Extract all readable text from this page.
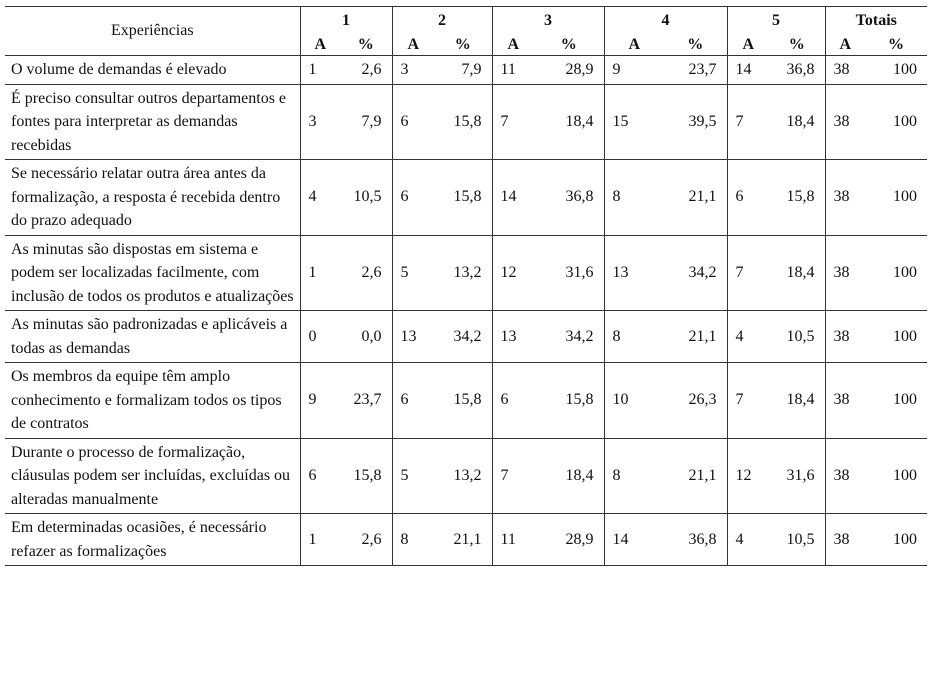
Experiências	1		2		3		4		5		Totais	
	A	%	A	%	A	%	A	%	A	%	A	%
O volume de demandas é elevado	1	2,6	3	7,9	11	28,9	9	23,7	14	36,8	38	100
É preciso consultar outros departamentos e fontes para interpretar as demandas recebidas	3	7,9	6	15,8	7	18,4	15	39,5	7	18,4	38	100
Se necessário relatar outra área antes da formalização, a resposta é recebida dentro do prazo adequado	4	10,5	6	15,8	14	36,8	8	21,1	6	15,8	38	100
As minutas são dispostas em sistema e podem ser localizadas facilmente, com inclusão de todos os produtos e atualizações	1	2,6	5	13,2	12	31,6	13	34,2	7	18,4	38	100
As minutas são padronizadas e aplicáveis a todas as demandas	0	0,0	13	34,2	13	34,2	8	21,1	4	10,5	38	100
Os membros da equipe têm amplo conhecimento e formalizam todos os tipos de contratos	9	23,7	6	15,8	6	15,8	10	26,3	7	18,4	38	100
Durante o processo de formalização, cláusulas podem ser incluídas, excluídas ou alteradas manualmente	6	15,8	5	13,2	7	18,4	8	21,1	12	31,6	38	100
Em determinadas ocasiões, é necessário refazer as formalizações	1	2,6	8	21,1	11	28,9	14	36,8	4	10,5	38	100
